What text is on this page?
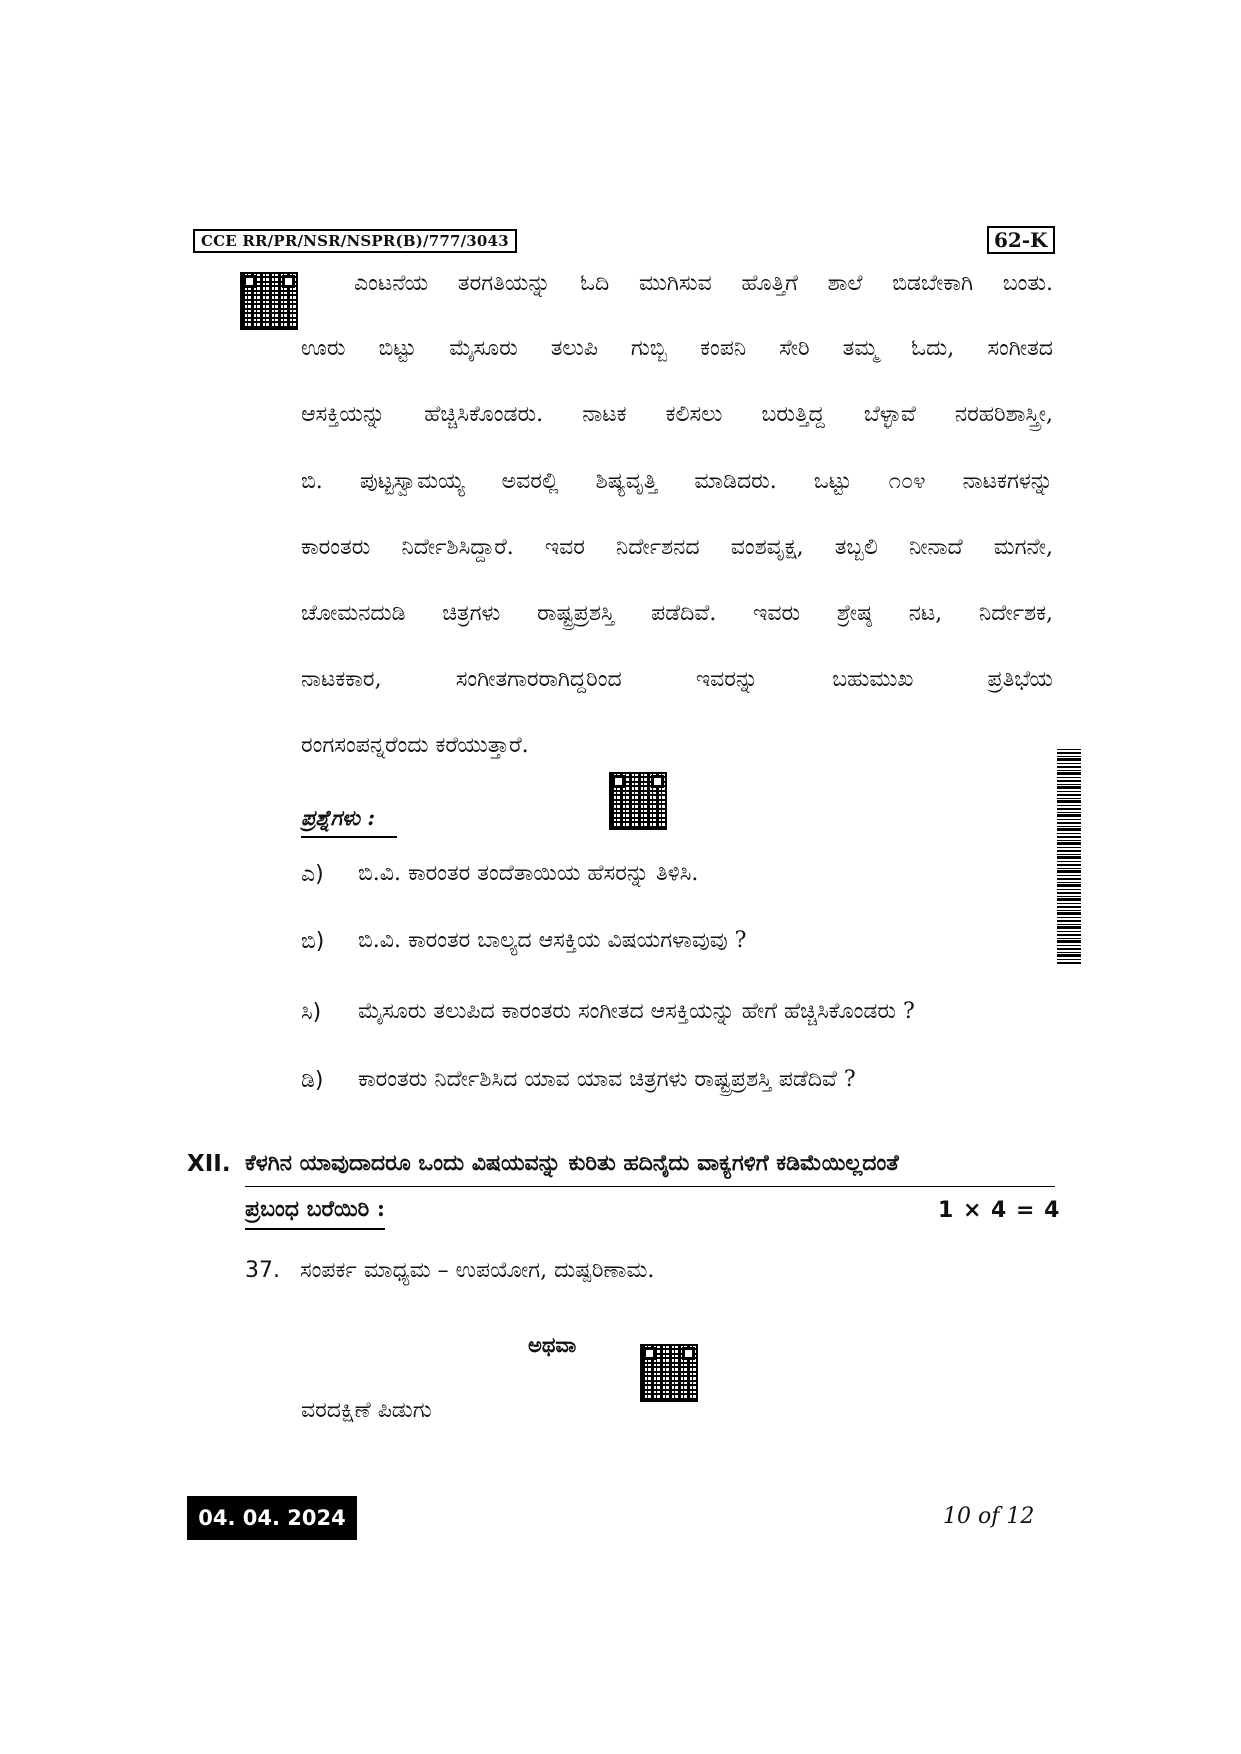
CCE RR/PR/NSR/NSPR(B)/777/3043	62-K
ಎಂಟನೆಯ ತರಗತಿಯನ್ನು ಓದಿ ಮುಗಿಸುವ ಹೊತ್ತಿಗೆ ಶಾಲೆ ಬಿಡಬೇಕಾಗಿ ಬಂತು.
ಊರು ಬಿಟ್ಟು ಮೈಸೂರು ತಲುಪಿ ಗುಬ್ಬಿ ಕಂಪನಿ ಸೇರಿ ತಮ್ಮ ಓದು, ಸಂಗೀತದ
ಆಸಕ್ತಿಯನ್ನು ಹೆಚ್ಚಿಸಿಕೊಂಡರು. ನಾಟಕ ಕಲಿಸಲು ಬರುತ್ತಿದ್ದ ಬೆಳ್ಳಾವೆ ನರಹರಿಶಾಸ್ತ್ರೀ,
ಬಿ. ಪುಟ್ಟಸ್ವಾಮಯ್ಯ ಅವರಲ್ಲಿ ಶಿಷ್ಯವೃತ್ತಿ ಮಾಡಿದರು. ಒಟ್ಟು ೧೦೪ ನಾಟಕಗಳನ್ನು
ಕಾರಂತರು ನಿರ್ದೇಶಿಸಿದ್ದಾರೆ. ಇವರ ನಿರ್ದೇಶನದ ವಂಶವೃಕ್ಷ, ತಬ್ಬಲಿ ನೀನಾದೆ ಮಗನೇ,
ಚೋಮನದುಡಿ ಚಿತ್ರಗಳು ರಾಷ್ಟ್ರಪ್ರಶಸ್ತಿ ಪಡೆದಿವೆ. ಇವರು ಶ್ರೇಷ್ಠ ನಟ, ನಿರ್ದೇಶಕ,
ನಾಟಕಕಾರ, ಸಂಗೀತಗಾರರಾಗಿದ್ದರಿಂದ ಇವರನ್ನು ಬಹುಮುಖ ಪ್ರತಿಭೆಯ
ರಂಗಸಂಪನ್ನರೆಂದು ಕರೆಯುತ್ತಾರೆ.
ಪ್ರಶ್ನೆಗಳು :
ಎ) ಬಿ.ವಿ. ಕಾರಂತರ ತಂದೆತಾಯಿಯ ಹೆಸರನ್ನು ತಿಳಿಸಿ.
ಬಿ) ಬಿ.ವಿ. ಕಾರಂತರ ಬಾಲ್ಯದ ಆಸಕ್ತಿಯ ವಿಷಯಗಳಾವುವು ?
ಸಿ) ಮೈಸೂರು ತಲುಪಿದ ಕಾರಂತರು ಸಂಗೀತದ ಆಸಕ್ತಿಯನ್ನು ಹೇಗೆ ಹೆಚ್ಚಿಸಿಕೊಂಡರು ?
ಡಿ) ಕಾರಂತರು ನಿರ್ದೇಶಿಸಿದ ಯಾವ ಯಾವ ಚಿತ್ರಗಳು ರಾಷ್ಟ್ರಪ್ರಶಸ್ತಿ ಪಡೆದಿವೆ ?
XII. ಕೆಳಗಿನ ಯಾವುದಾದರೂ ಒಂದು ವಿಷಯವನ್ನು ಕುರಿತು ಹದಿನೈದು ವಾಕ್ಯಗಳಿಗೆ ಕಡಿಮೆಯಿಲ್ಲದಂತೆ
ಪ್ರಬಂಧ ಬರೆಯಿರಿ :	1 × 4 = 4
37. ಸಂಪರ್ಕ ಮಾಧ್ಯಮ – ಉಪಯೋಗ, ದುಷ್ಪರಿಣಾಮ.
ಅಥವಾ
ವರದಕ್ಷಿಣೆ ಪಿಡುಗು
04. 04. 2024	10 of 12
